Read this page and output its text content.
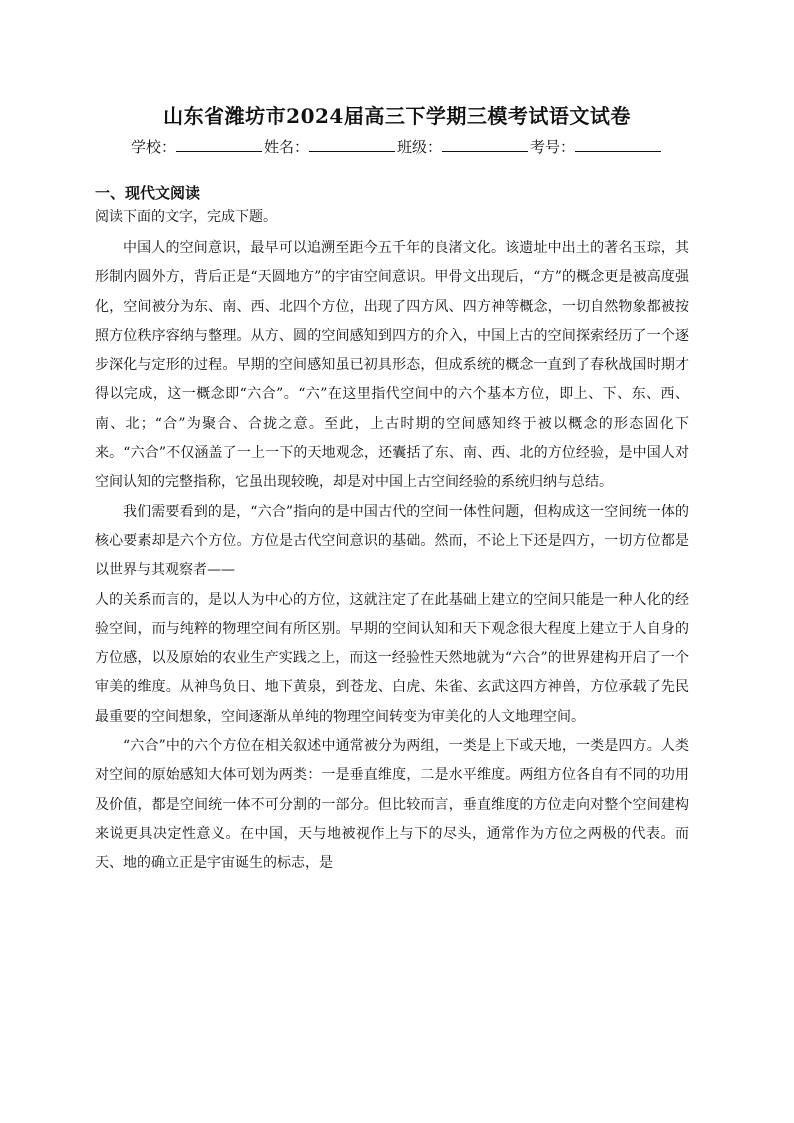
山东省潍坊市2024届高三下学期三模考试语文试卷
学校：	姓名：	班级：	考号：
一、现代文阅读
阅读下面的文字，完成下题。

中国人的空间意识，最早可以追溯至距今五千年的良渚文化。该遗址中出土的著名玉琮，其形制内圆外方，背后正是“天圆地方”的宇宙空间意识。甲骨文出现后，“方”的概念更是被高度强化，空间被分为东、南、西、北四个方位，出现了四方风、四方神等概念，一切自然物象都被按照方位秩序容纳与整理。从方、圆的空间感知到四方的介入，中国上古的空间探索经历了一个逐步深化与定形的过程。早期的空间感知虽已初具形态，但成系统的概念一直到了春秋战国时期才得以完成，这一概念即“六合”。“六”在这里指代空间中的六个基本方位，即上、下、东、西、南、北；“合”为聚合、合拢之意。至此，上古时期的空间感知终于被以概念的形态固化下来。“六合”不仅涵盖了一上一下的天地观念，还囊括了东、南、西、北的方位经验，是中国人对空间认知的完整指称，它虽出现较晚，却是对中国上古空间经验的系统归纳与总结。

我们需要看到的是，“六合”指向的是中国古代的空间一体性问题，但构成这一空间统一体的核心要素却是六个方位。方位是古代空间意识的基础。然而，不论上下还是四方，一切方位都是以世界与其观察者——

人的关系而言的，是以人为中心的方位，这就注定了在此基础上建立的空间只能是一种人化的经验空间，而与纯粹的物理空间有所区别。早期的空间认知和天下观念很大程度上建立于人自身的方位感，以及原始的农业生产实践之上，而这一经验性天然地就为“六合”的世界建构开启了一个审美的维度。从神鸟负日、地下黄泉，到苍龙、白虎、朱雀、玄武这四方神兽，方位承载了先民最重要的空间想象，空间逐渐从单纯的物理空间转变为审美化的人文地理空间。

“六合”中的六个方位在相关叙述中通常被分为两组，一类是上下或天地，一类是四方。人类对空间的原始感知大体可划为两类：一是垂直维度，二是水平维度。两组方位各自有不同的功用及价值，都是空间统一体不可分割的一部分。但比较而言，垂直维度的方位走向对整个空间建构来说更具决定性意义。在中国，天与地被视作上与下的尽头，通常作为方位之两极的代表。而天、地的确立正是宇宙诞生的标志，是
